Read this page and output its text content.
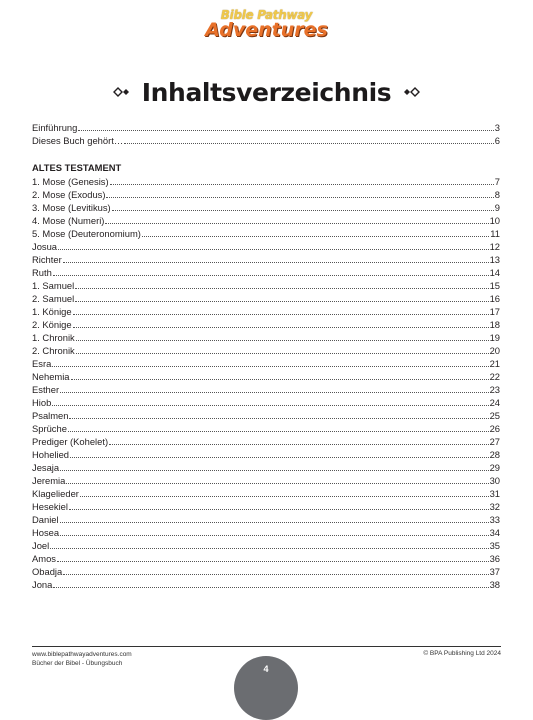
Bible Pathway
Adventures
Inhaltsverzeichnis
Einführung	3
Dieses Buch gehört…	6
ALTES TESTAMENT
1. Mose (Genesis)	7
2. Mose (Exodus)	8
3. Mose (Levitikus)	9
4. Mose (Numeri)	10
5. Mose (Deuteronomium)	11
Josua	12
Richter	13
Ruth	14
1. Samuel	15
2. Samuel	16
1. Könige	17
2. Könige	18
1. Chronik	19
2. Chronik	20
Esra	21
Nehemia	22
Esther	23
Hiob	24
Psalmen	25
Sprüche	26
Prediger (Kohelet)	27
Hohelied	28
Jesaja	29
Jeremia	30
Klagelieder	31
Hesekiel	32
Daniel	33
Hosea	34
Joel	35
Amos	36
Obadja	37
Jona	38
www.biblepathwayadventures.com
Bücher der Bibel - Übungsbuch
© BPA Publishing Ltd 2024
4
